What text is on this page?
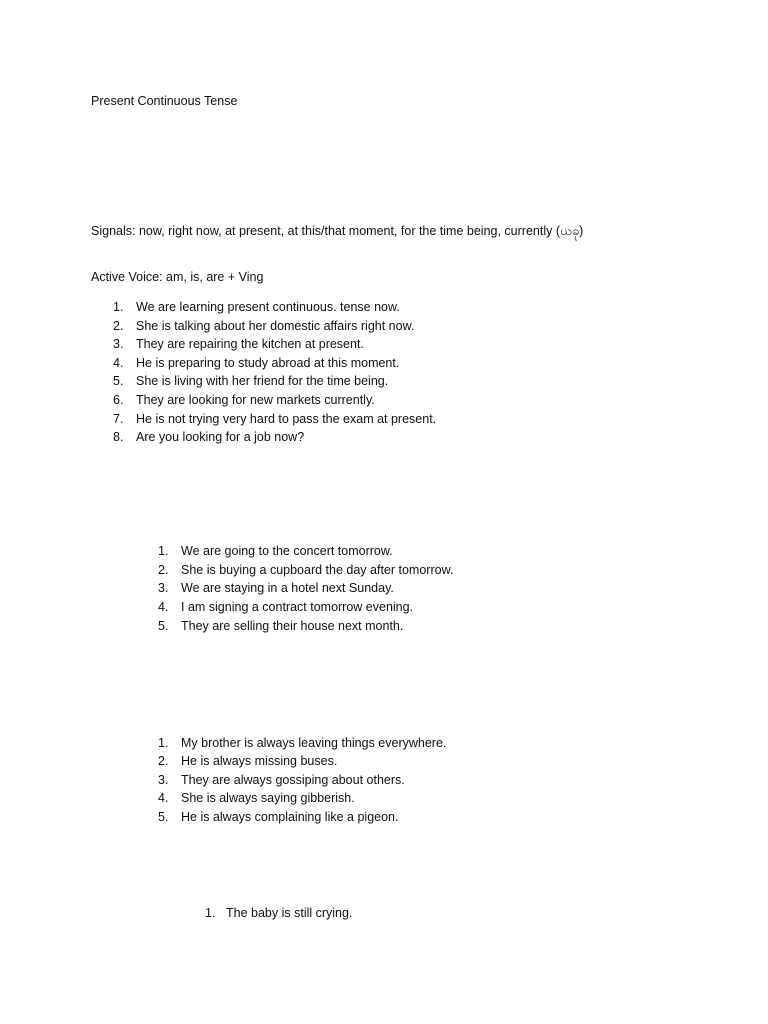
Present Continuous Tense

Signals: now, right now, at present, at this/that moment, for the time being, currently (ယခု)
Active Voice: am, is, are + Ving
1.	We are learning present continuous. tense now.
2.	She is talking about her domestic affairs right now.
3.	They are repairing the kitchen at present.
4.	He is preparing to study abroad at this moment.
5.	She is living with her friend for the time being.
6.	They are looking for new markets currently.
7.	He is not trying very hard to pass the exam at present.
8.	Are you looking for a job now?

1.	We are going to the concert tomorrow.
2.	She is buying a cupboard the day after tomorrow.
3.	We are staying in a hotel next Sunday.
4.	I am signing a contract tomorrow evening.
5.	They are selling their house next month.

1.	My brother is always leaving things everywhere.
2.	He is always missing buses.
3.	They are always gossiping about others.
4.	She is always saying gibberish.
5.	He is always complaining like a pigeon.

1. The baby is still crying.
